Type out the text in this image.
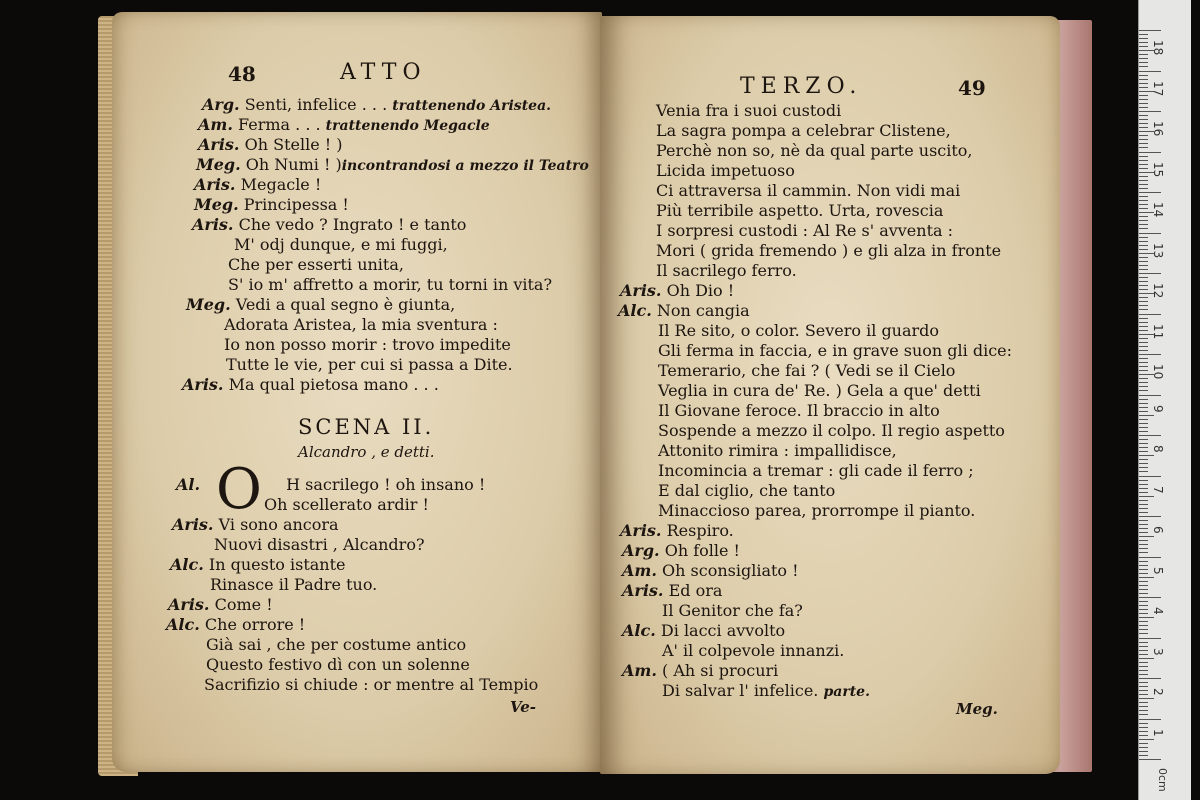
48	ATTO
Arg. Senti, infelice . . . trattenendo Aristea.
Am. Ferma . . . trattenendo Megacle
Aris. Oh Stelle ! )
Meg. Oh Numi ! )incontrandosi a mezzo il Teatro
Aris. Megacle !
Meg. Principessa !
Aris. Che vedo ? Ingrato ! e tanto
M' odj dunque, e mi fuggi,
Che per esserti unita,
S' io m' affretto a morir, tu torni in vita?
Meg. Vedi a qual segno è giunta,
Adorata Aristea, la mia sventura :
Io non posso morir : trovo impedite
Tutte le vie, per cui si passa a Dite.
Aris. Ma qual pietosa mano . . .
SCENA II.
Alcandro , e detti.
O
Al.	H sacrilego ! oh insano !
Oh scellerato ardir !
Aris. Vi sono ancora
Nuovi disastri , Alcandro?
Alc. In questo istante
Rinasce il Padre tuo.
Aris. Come !
Alc. Che orrore !
Già sai , che per costume antico
Questo festivo dì con un solenne
Sacrifizio si chiude : or mentre al Tempio
Ve-
TERZO.	49
Venia fra i suoi custodi
La sagra pompa a celebrar Clistene,
Perchè non so, nè da qual parte uscito,
Licida impetuoso
Ci attraversa il cammin. Non vidi mai
Più terribile aspetto. Urta, rovescia
I sorpresi custodi : Al Re s' avventa :
Mori ( grida fremendo ) e gli alza in fronte
Il sacrilego ferro.
Aris. Oh Dio !
Alc. Non cangia
Il Re sito, o color. Severo il guardo
Gli ferma in faccia, e in grave suon gli dice:
Temerario, che fai ? ( Vedi se il Cielo
Veglia in cura de' Re. ) Gela a que' detti
Il Giovane feroce. Il braccio in alto
Sospende a mezzo il colpo. Il regio aspetto
Attonito rimira : impallidisce,
Incomincia a tremar : gli cade il ferro ;
E dal ciglio, che tanto
Minaccioso parea, prorrompe il pianto.
Aris. Respiro.
Arg. Oh folle !
Am. Oh sconsigliato !
Aris. Ed ora
Il Genitor che fa?
Alc. Di lacci avvolto
A' il colpevole innanzi.
Am. ( Ah si procuri
Di salvar l' infelice. parte.
Meg.
0cm
18
17
16
15
14
13
12
11
10
9
8
7
6
5
4
3
2
1
